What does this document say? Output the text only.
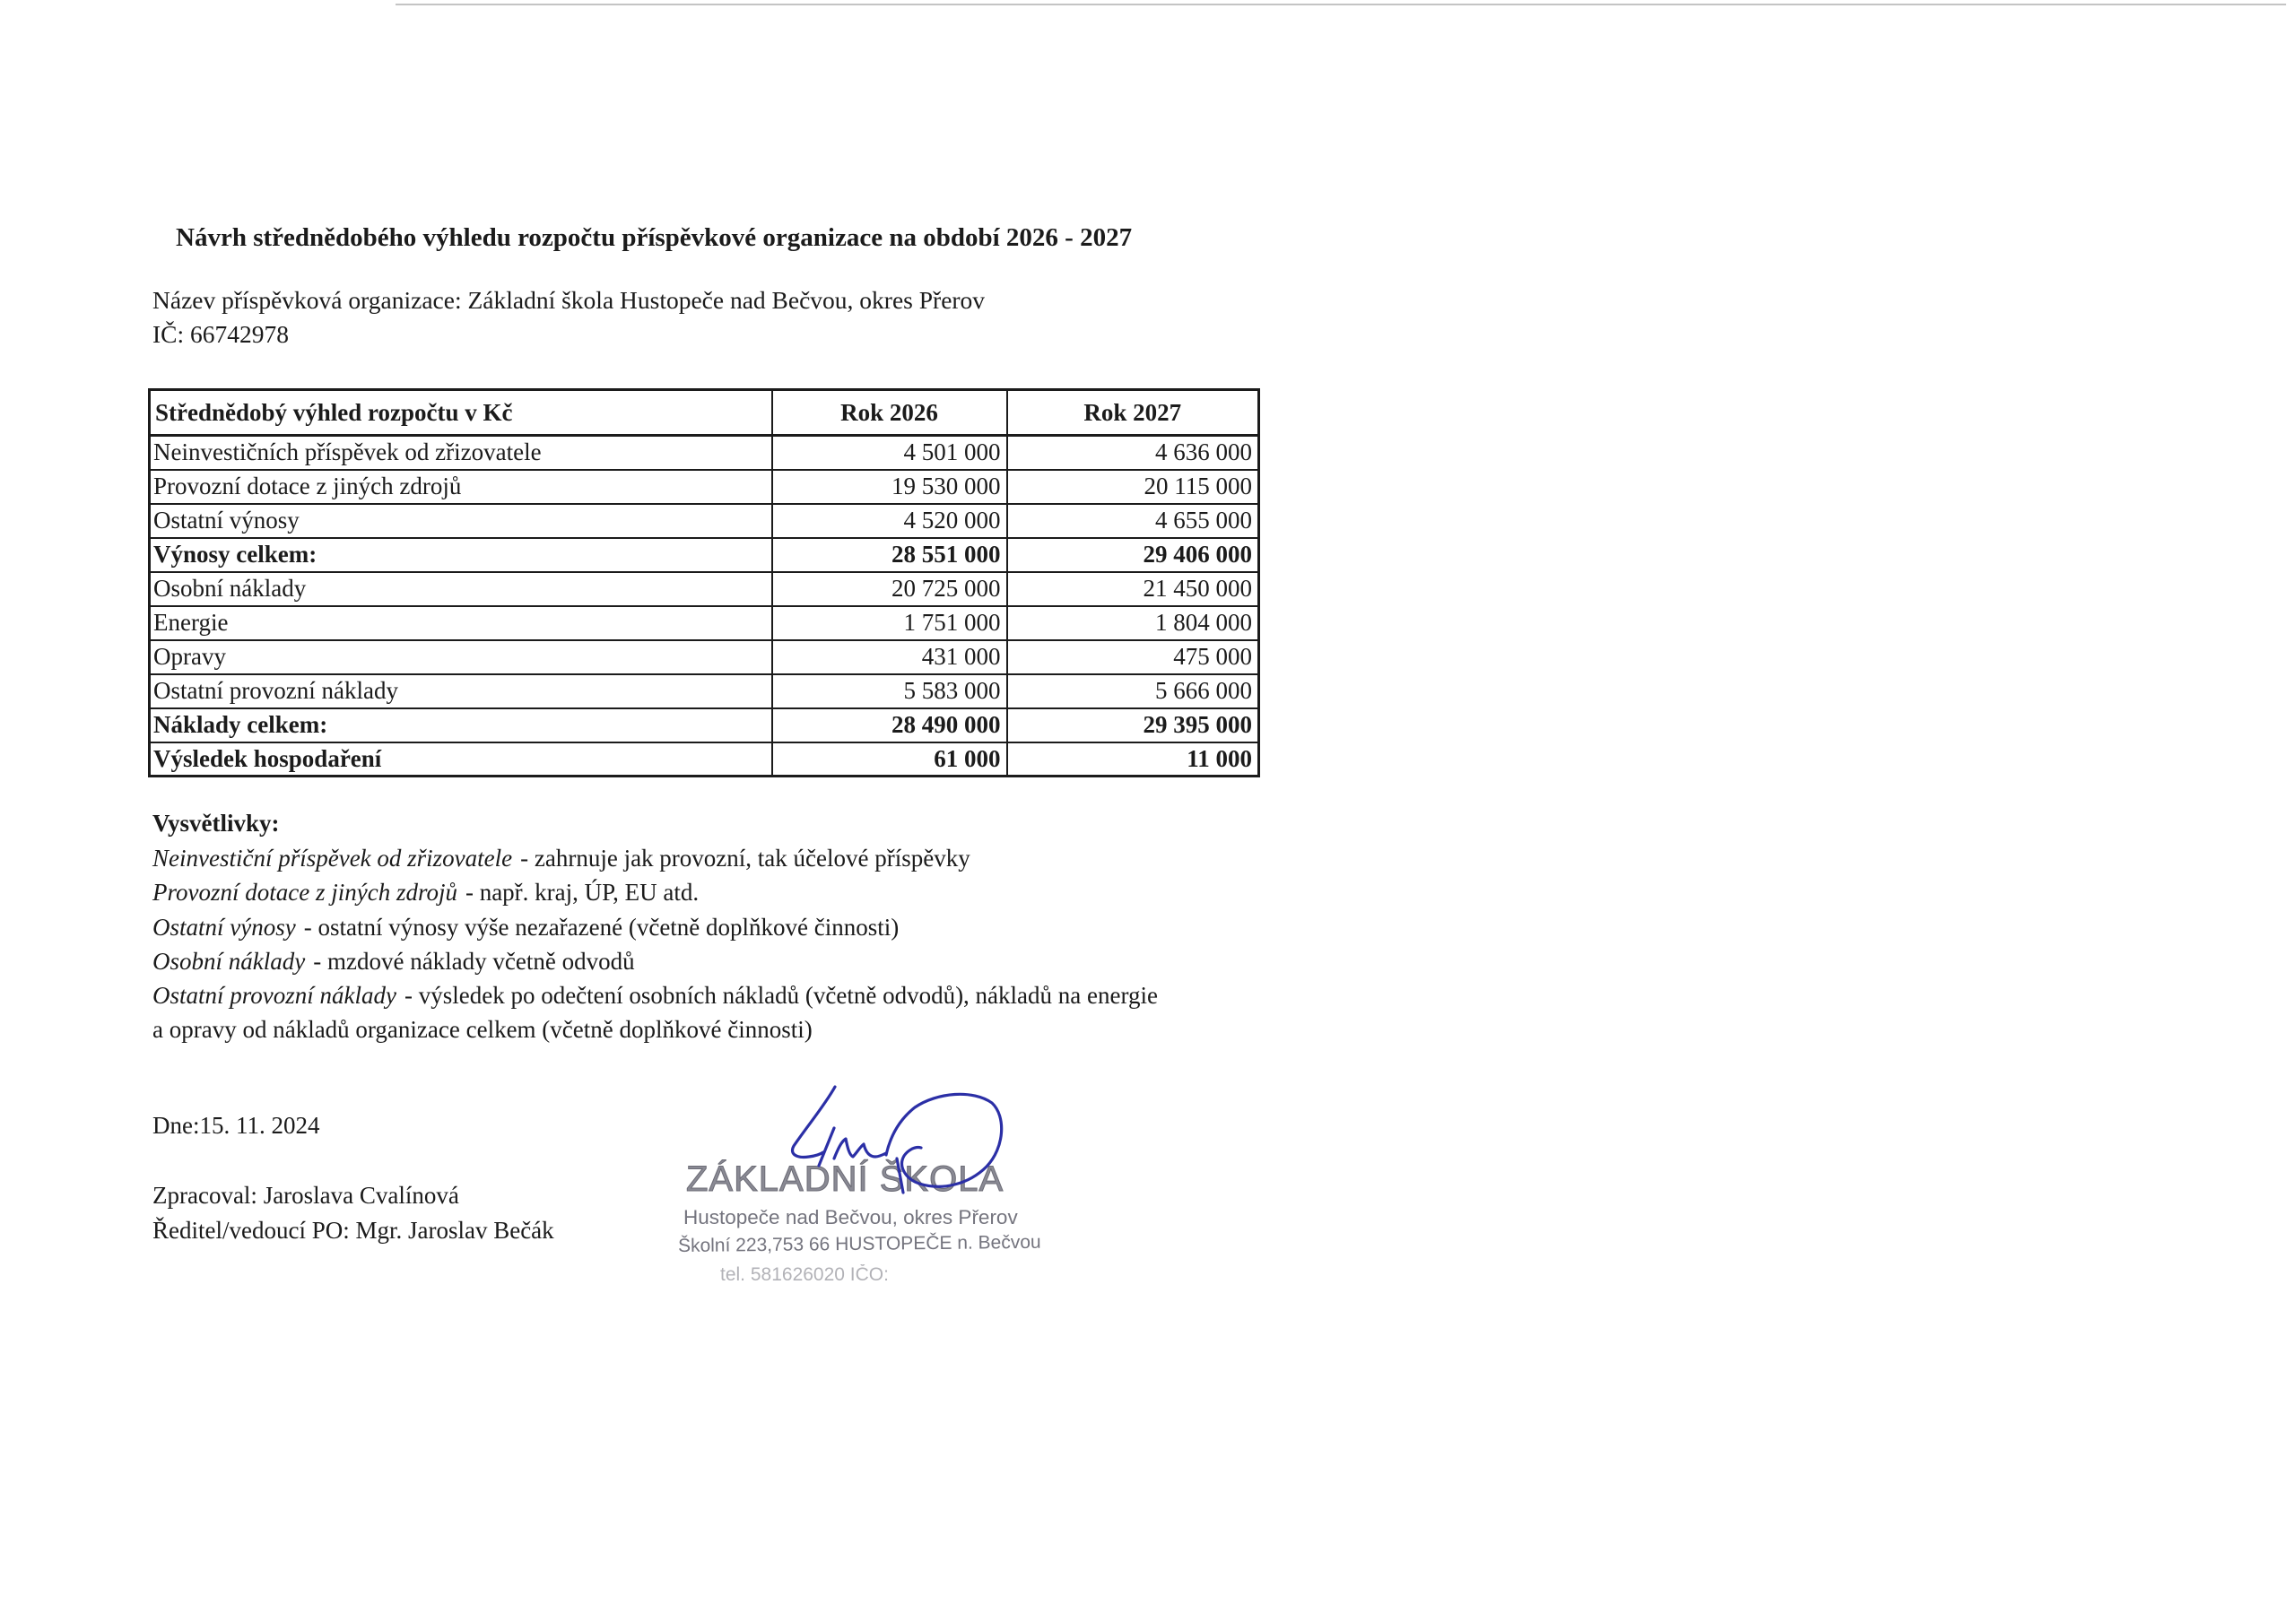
Návrh střednědobého výhledu rozpočtu příspěvkové organizace na období 2026 - 2027
Název příspěvková organizace: Základní škola Hustopeče nad Bečvou, okres Přerov
IČ: 66742978
Střednědobý výhled rozpočtu v Kč	Rok 2026	Rok 2027
Neinvestičních příspěvek od zřizovatele	4 501 000	4 636 000
Provozní dotace z jiných zdrojů	19 530 000	20 115 000
Ostatní výnosy	4 520 000	4 655 000
Výnosy celkem:	28 551 000	29 406 000
Osobní náklady	20 725 000	21 450 000
Energie	1 751 000	1 804 000
Opravy	431 000	475 000
Ostatní provozní náklady	5 583 000	5 666 000
Náklady celkem:	28 490 000	29 395 000
Výsledek hospodaření	61 000	11 000
Vysvětlivky:
Neinvestiční příspěvek od zřizovatele - zahrnuje jak provozní, tak účelové příspěvky
Provozní dotace z jiných zdrojů - např. kraj, ÚP, EU atd.
Ostatní výnosy - ostatní výnosy výše nezařazené (včetně doplňkové činnosti)
Osobní náklady - mzdové náklady včetně odvodů
Ostatní provozní náklady - výsledek po odečtení osobních nákladů (včetně odvodů), nákladů na energie
a opravy od nákladů organizace celkem (včetně doplňkové činnosti)
Dne:15. 11. 2024
Zpracoval: Jaroslava Cvalínová
Ředitel/vedoucí PO: Mgr. Jaroslav Bečák
ZÁKLADNÍ ŠKOLA
Hustopeče nad Bečvou, okres Přerov
Školní 223,753 66 HUSTOPEČE n. Bečvou
tel. 581626020 IČO:
